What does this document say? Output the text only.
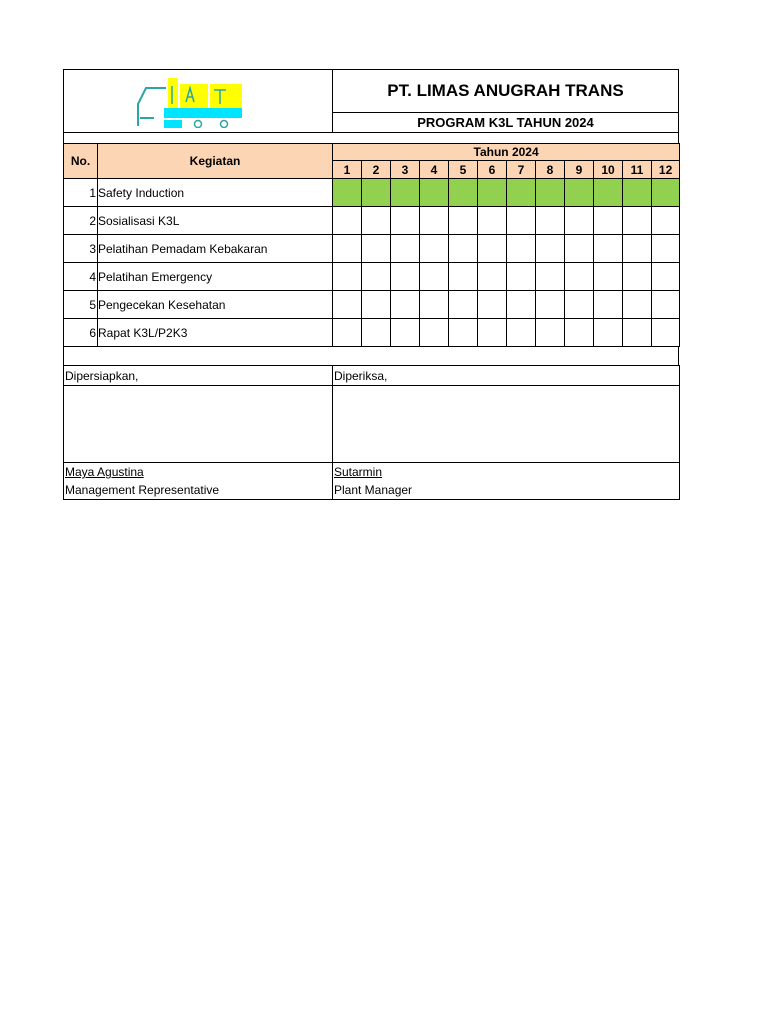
PT. LIMAS ANUGRAH TRANS
PROGRAM K3L TAHUN 2024
No.	Kegiatan	Tahun 2024											
		1	2	3	4	5	6	7	8	9	10	11	12
1	Safety Induction												
2	Sosialisasi K3L												
3	Pelatihan Pemadam Kebakaran												
4	Pelatihan Emergency												
5	Pengecekan Kesehatan												
6	Rapat K3L/P2K3												
Dipersiapkan,	Diperiksa,

Maya Agustina	Sutarmin
Management Representative	Plant Manager
